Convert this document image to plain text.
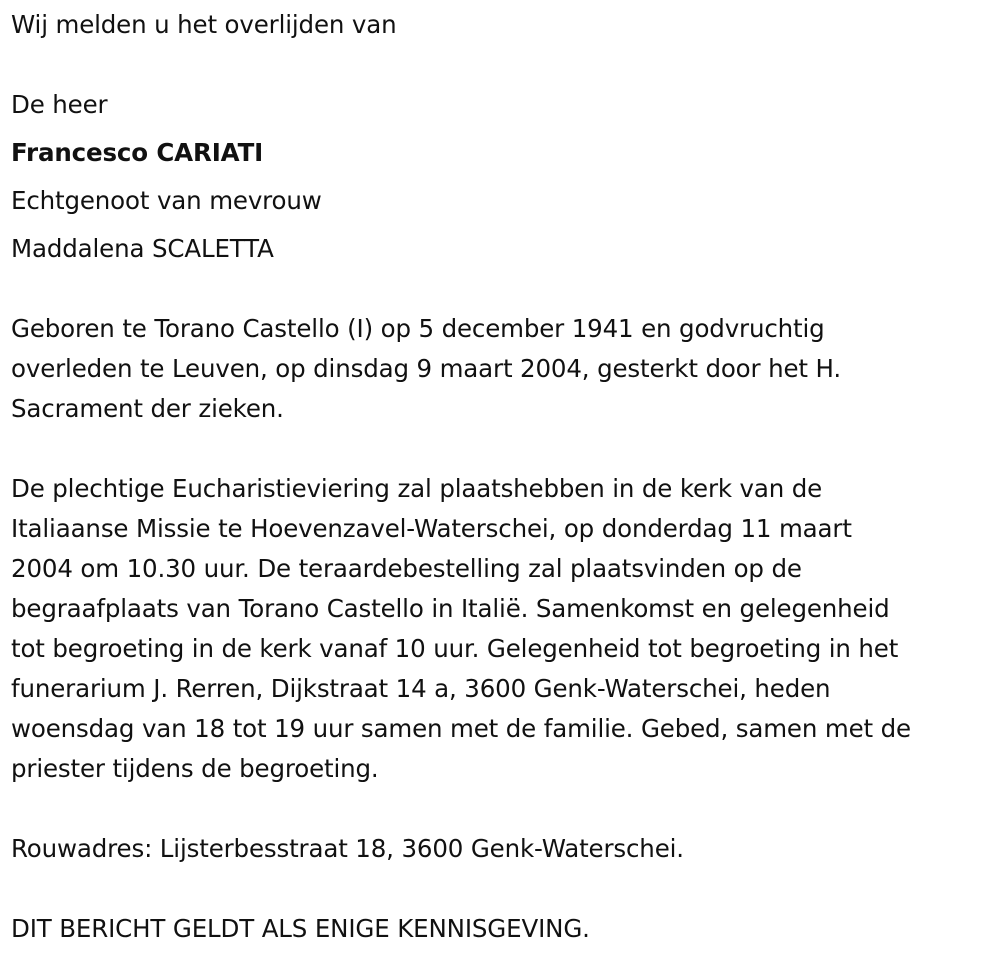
Wij melden u het overlijden van
De heer
Francesco CARIATI
Echtgenoot van mevrouw
Maddalena SCALETTA
Geboren te Torano Castello (I) op 5 december 1941 en godvruchtig
overleden te Leuven, op dinsdag 9 maart 2004, gesterkt door het H.
Sacrament der zieken.
De plechtige Eucharistieviering zal plaatshebben in de kerk van de
Italiaanse Missie te Hoevenzavel-Waterschei, op donderdag 11 maart
2004 om 10.30 uur. De teraardebestelling zal plaatsvinden op de
begraafplaats van Torano Castello in Italië. Samenkomst en gelegenheid
tot begroeting in de kerk vanaf 10 uur. Gelegenheid tot begroeting in het
funerarium J. Rerren, Dijkstraat 14 a, 3600 Genk-Waterschei, heden
woensdag van 18 tot 19 uur samen met de familie. Gebed, samen met de
priester tijdens de begroeting.
Rouwadres: Lijsterbesstraat 18, 3600 Genk-Waterschei.
DIT BERICHT GELDT ALS ENIGE KENNISGEVING.
